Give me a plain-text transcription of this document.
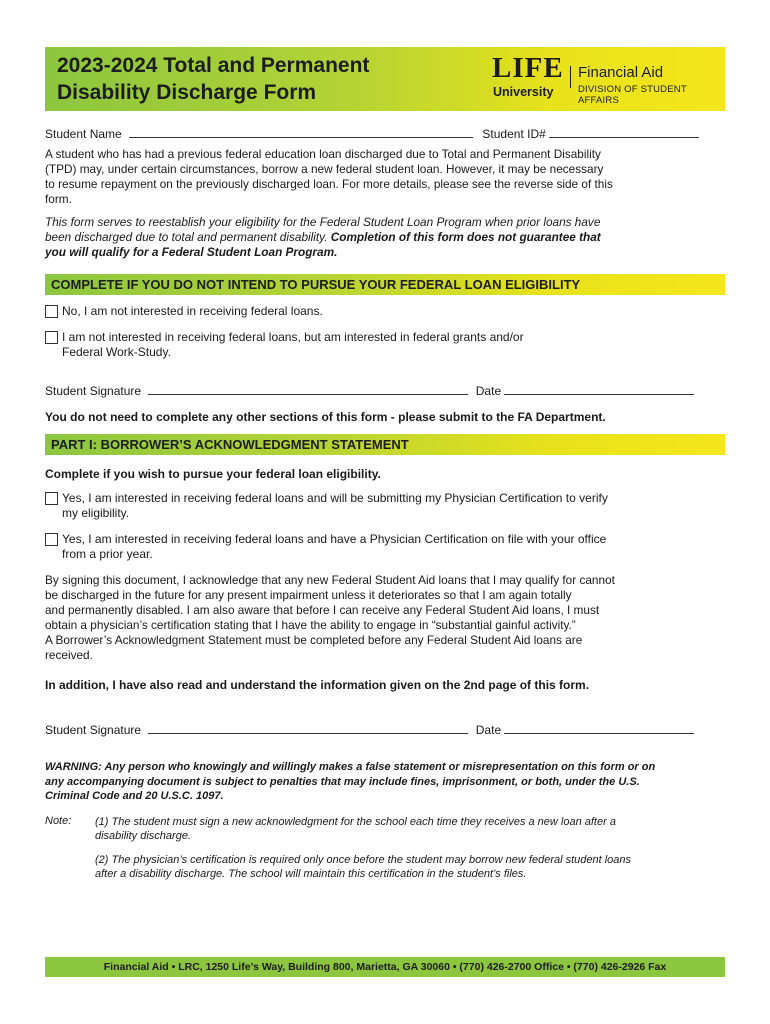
2023-2024 Total and Permanent
Disability Discharge Form
LIFE
University
Financial Aid
DIVISION OF STUDENT AFFAIRS
Student Name	Student ID#
A student who has had a previous federal education loan discharged due to Total and Permanent Disability
(TPD) may, under certain circumstances, borrow a new federal student loan. However, it may be necessary
to resume repayment on the previously discharged loan. For more details, please see the reverse side of this
form.
This form serves to reestablish your eligibility for the Federal Student Loan Program when prior loans have
been discharged due to total and permanent disability. Completion of this form does not guarantee that
you will qualify for a Federal Student Loan Program.
COMPLETE IF YOU DO NOT INTEND TO PURSUE YOUR FEDERAL LOAN ELIGIBILITY
No, I am not interested in receiving federal loans.
I am not interested in receiving federal loans, but am interested in federal grants and/or
Federal Work-Study.
Student Signature	Date
You do not need to complete any other sections of this form - please submit to the FA Department.
PART I: BORROWER’S ACKNOWLEDGMENT STATEMENT
Complete if you wish to pursue your federal loan eligibility.
Yes, I am interested in receiving federal loans and will be submitting my Physician Certification to verify
my eligibility.
Yes, I am interested in receiving federal loans and have a Physician Certification on file with your office
from a prior year.
By signing this document, I acknowledge that any new Federal Student Aid loans that I may qualify for cannot
be discharged in the future for any present impairment unless it deteriorates so that I am again totally
and permanently disabled. I am also aware that before I can receive any Federal Student Aid loans, I must
obtain a physician’s certification stating that I have the ability to engage in “substantial gainful activity.”
A Borrower’s Acknowledgment Statement must be completed before any Federal Student Aid loans are
received.
In addition, I have also read and understand the information given on the 2nd page of this form.
Student Signature	Date
WARNING: Any person who knowingly and willingly makes a false statement or misrepresentation on this form or on
any accompanying document is subject to penalties that may include fines, imprisonment, or both, under the U.S.
Criminal Code and 20 U.S.C. 1097.
Note: (1) The student must sign a new acknowledgment for the school each time they receives a new loan after a
disability discharge.
(2) The physician’s certification is required only once before the student may borrow new federal student loans
after a disability discharge. The school will maintain this certification in the student’s files.
Financial Aid • LRC, 1250 Life’s Way, Building 800, Marietta, GA 30060 • (770) 426-2700 Office • (770) 426-2926 Fax
